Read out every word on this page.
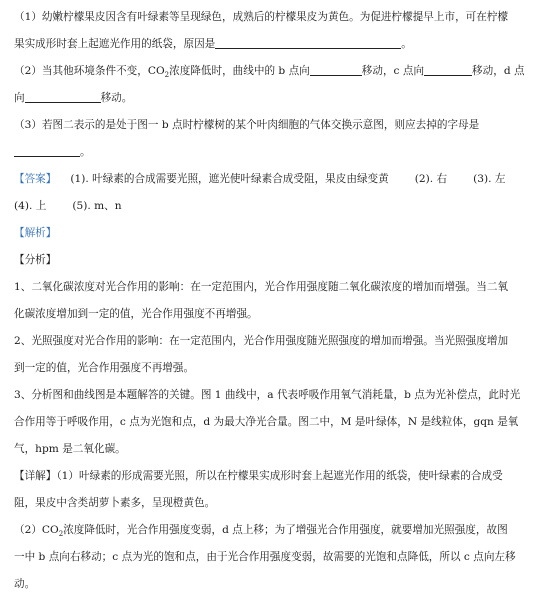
（1）幼嫩柠檬果皮因含有叶绿素等呈现绿色，成熟后的柠檬果皮为黄色。为促进柠檬提早上市，可在柠檬
果实成形时套上起遮光作用的纸袋，原因是	。
（2）当其他环境条件不变，$CO_2$浓度降低时，曲线中的 b 点向	移动，c 点向	移动，d 点
向	移动。
（3）若图二表示的是处于图一 b 点时柠檬树的某个叶肉细胞的气体交换示意图，则应去掉的字母是
。
【答案】 (1). 叶绿素的合成需要光照，遮光使叶绿素合成受阻，果皮由绿变黄 (2). 右 (3). 左
(4). 上 (5). m、n
【解析】
【分析】
1、二氧化碳浓度对光合作用的影响：在一定范围内，光合作用强度随二氧化碳浓度的增加而增强。当二氧
化碳浓度增加到一定的值，光合作用强度不再增强。
2、光照强度对光合作用的影响：在一定范围内，光合作用强度随光照强度的增加而增强。当光照强度增加
到一定的值，光合作用强度不再增强。
3、分析图和曲线图是本题解答的关键。图 1 曲线中，a 代表呼吸作用氧气消耗量，b 点为光补偿点，此时光
合作用等于呼吸作用，c 点为光饱和点，d 为最大净光合量。图二中，M 是叶绿体，N 是线粒体，gqn 是氧
气，hpm 是二氧化碳。
【详解】（1）叶绿素的形成需要光照，所以在柠檬果实成形时套上起遮光作用的纸袋，使叶绿素的合成受
阻，果皮中含类胡萝卜素多，呈现橙黄色。
$(2)CO_2$浓度降低时，光合作用强度变弱，d 点上移；为了增强光合作用强度，就要增加光照强度，故图
一中 b 点向右移动；c 点为光的饱和点，由于光合作用强度变弱，故需要的光饱和点降低，所以 c 点向左移
动。
